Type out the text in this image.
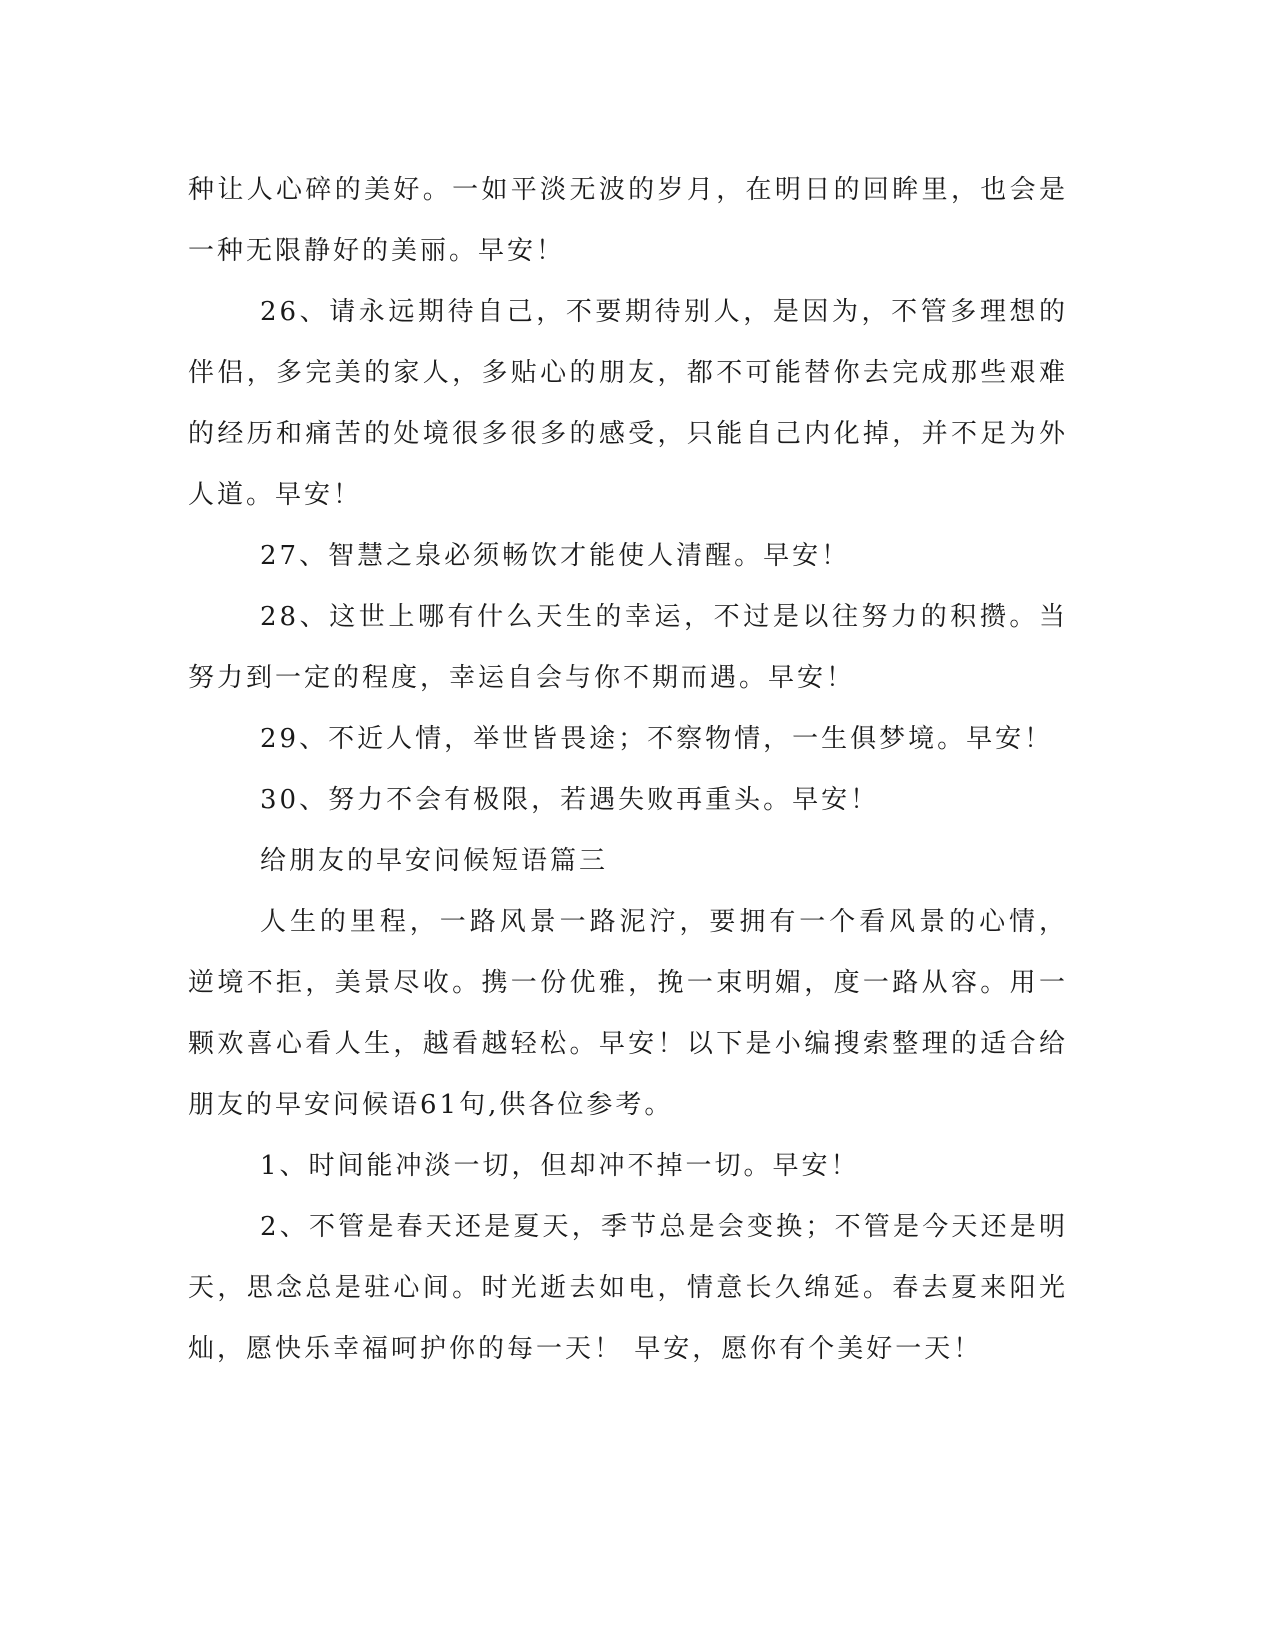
种让人心碎的美好。一如平淡无波的岁月，在明日的回眸里，也会是一种无限静好的美丽。早安！

26、请永远期待自己，不要期待别人，是因为，不管多理想的伴侣，多完美的家人，多贴心的朋友，都不可能替你去完成那些艰难的经历和痛苦的处境很多很多的感受，只能自己内化掉，并不足为外人道。早安！

27、智慧之泉必须畅饮才能使人清醒。早安！

28、这世上哪有什么天生的幸运，不过是以往努力的积攒。当努力到一定的程度，幸运自会与你不期而遇。早安！

29、不近人情，举世皆畏途；不察物情，一生俱梦境。早安！

30、努力不会有极限，若遇失败再重头。早安！

给朋友的早安问候短语篇三

人生的里程，一路风景一路泥泞，要拥有一个看风景的心情，逆境不拒，美景尽收。携一份优雅，挽一束明媚，度一路从容。用一颗欢喜心看人生，越看越轻松。早安！以下是小编搜索整理的适合给朋友的早安问候语61句,供各位参考。

1、时间能冲淡一切，但却冲不掉一切。早安！

2、不管是春天还是夏天，季节总是会变换；不管是今天还是明天，思念总是驻心间。时光逝去如电，情意长久绵延。春去夏来阳光灿，愿快乐幸福呵护你的每一天！ 早安，愿你有个美好一天！
